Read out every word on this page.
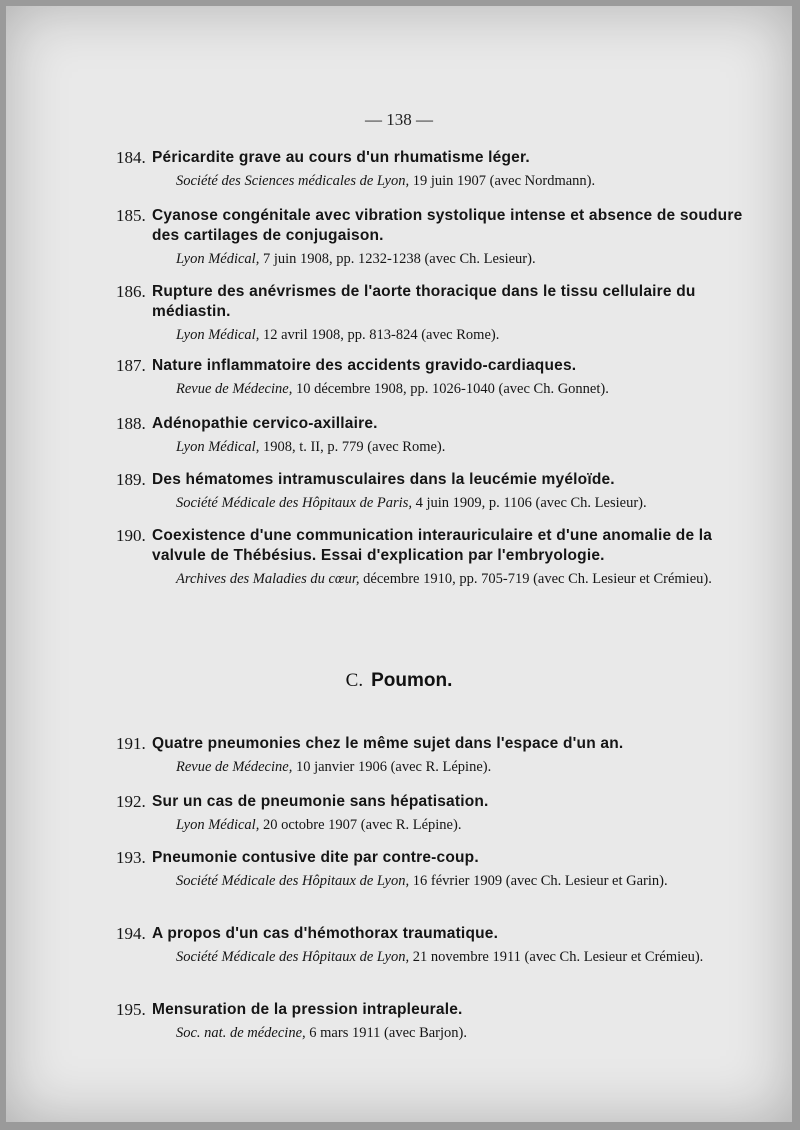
— 138 —
184. Péricardite grave au cours d'un rhumatisme léger.
Société des Sciences médicales de Lyon, 19 juin 1907 (avec Nordmann).
185. Cyanose congénitale avec vibration systolique intense et absence de soudure des cartilages de conjugaison.
Lyon Médical, 7 juin 1908, pp. 1232-1238 (avec Ch. Lesieur).
186. Rupture des anévrismes de l'aorte thoracique dans le tissu cellulaire du médiastin.
Lyon Médical, 12 avril 1908, pp. 813-824 (avec Rome).
187. Nature inflammatoire des accidents gravido-cardiaques.
Revue de Médecine, 10 décembre 1908, pp. 1026-1040 (avec Ch. Gonnet).
188. Adénopathie cervico-axillaire.
Lyon Médical, 1908, t. II, p. 779 (avec Rome).
189. Des hématomes intramusculaires dans la leucémie myéloïde.
Société Médicale des Hôpitaux de Paris, 4 juin 1909, p. 1106 (avec Ch. Lesieur).
190. Coexistence d'une communication interauriculaire et d'une anomalie de la valvule de Thébésius. Essai d'explication par l'embryologie.
Archives des Maladies du cœur, décembre 1910, pp. 705-719 (avec Ch. Lesieur et Crémieu).
C. Poumon.
191. Quatre pneumonies chez le même sujet dans l'espace d'un an.
Revue de Médecine, 10 janvier 1906 (avec R. Lépine).
192. Sur un cas de pneumonie sans hépatisation.
Lyon Médical, 20 octobre 1907 (avec R. Lépine).
193. Pneumonie contusive dite par contre-coup.
Société Médicale des Hôpitaux de Lyon, 16 février 1909 (avec Ch. Lesieur et Garin).
194. A propos d'un cas d'hémothorax traumatique.
Société Médicale des Hôpitaux de Lyon, 21 novembre 1911 (avec Ch. Lesieur et Crémieu).
195. Mensuration de la pression intrapleurale.
Soc. nat. de médecine, 6 mars 1911 (avec Barjon).
